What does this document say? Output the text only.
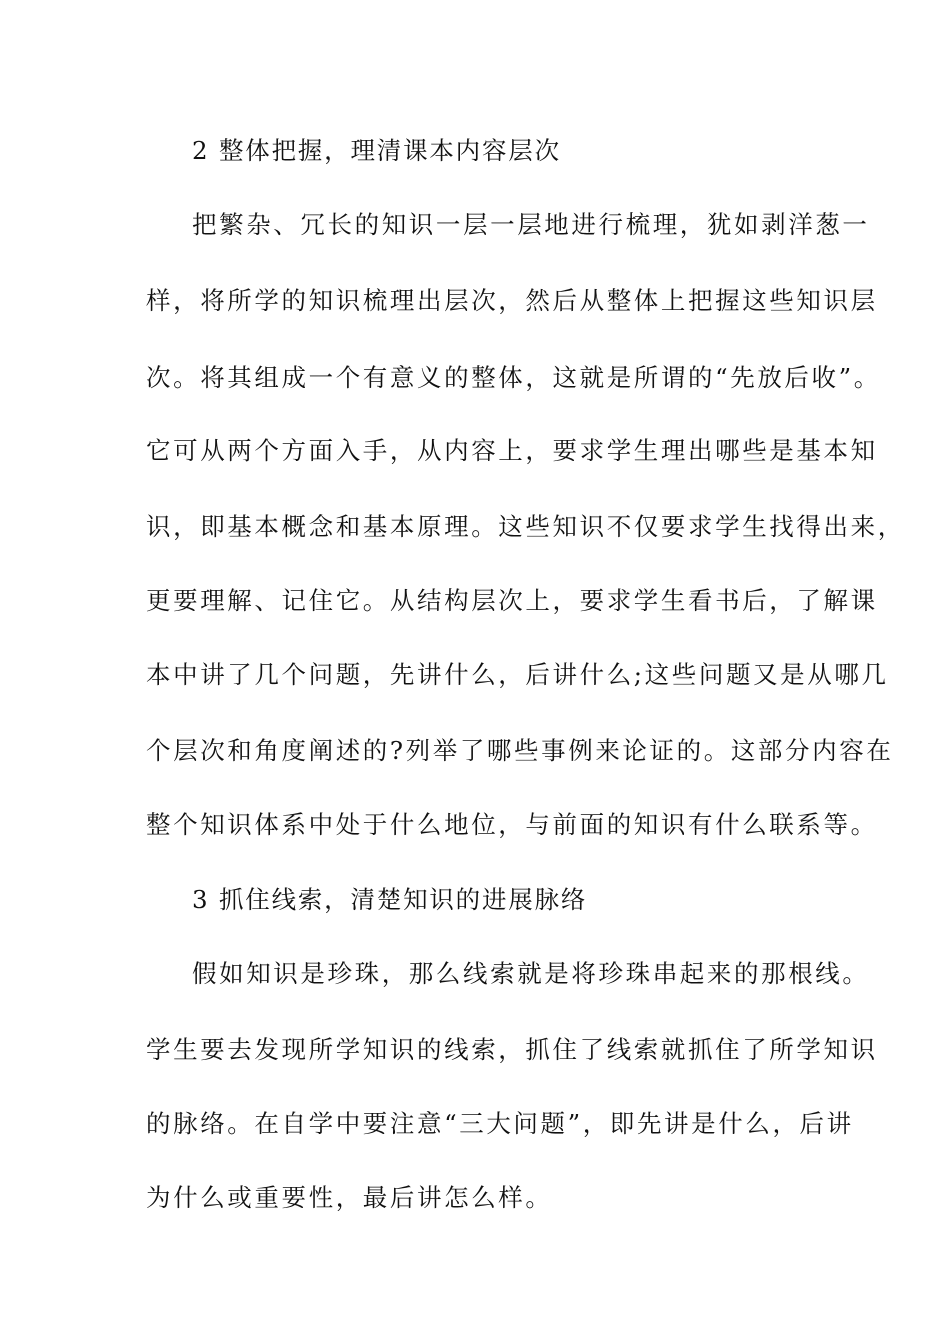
2 整体把握，理清课本内容层次

把繁杂、冗长的知识一层一层地进行梳理，犹如剥洋葱一

样，将所学的知识梳理出层次，然后从整体上把握这些知识层

次。将其组成一个有意义的整体，这就是所谓的“先放后收”。

它可从两个方面入手，从内容上，要求学生理出哪些是基本知

识，即基本概念和基本原理。这些知识不仅要求学生找得出来，

更要理解、记住它。从结构层次上，要求学生看书后，了解课

本中讲了几个问题，先讲什么，后讲什么;这些问题又是从哪几

个层次和角度阐述的?列举了哪些事例来论证的。这部分内容在

整个知识体系中处于什么地位，与前面的知识有什么联系等。

3 抓住线索，清楚知识的进展脉络

假如知识是珍珠，那么线索就是将珍珠串起来的那根线。

学生要去发现所学知识的线索，抓住了线索就抓住了所学知识

的脉络。在自学中要注意“三大问题”，即先讲是什么，后讲

为什么或重要性，最后讲怎么样。
